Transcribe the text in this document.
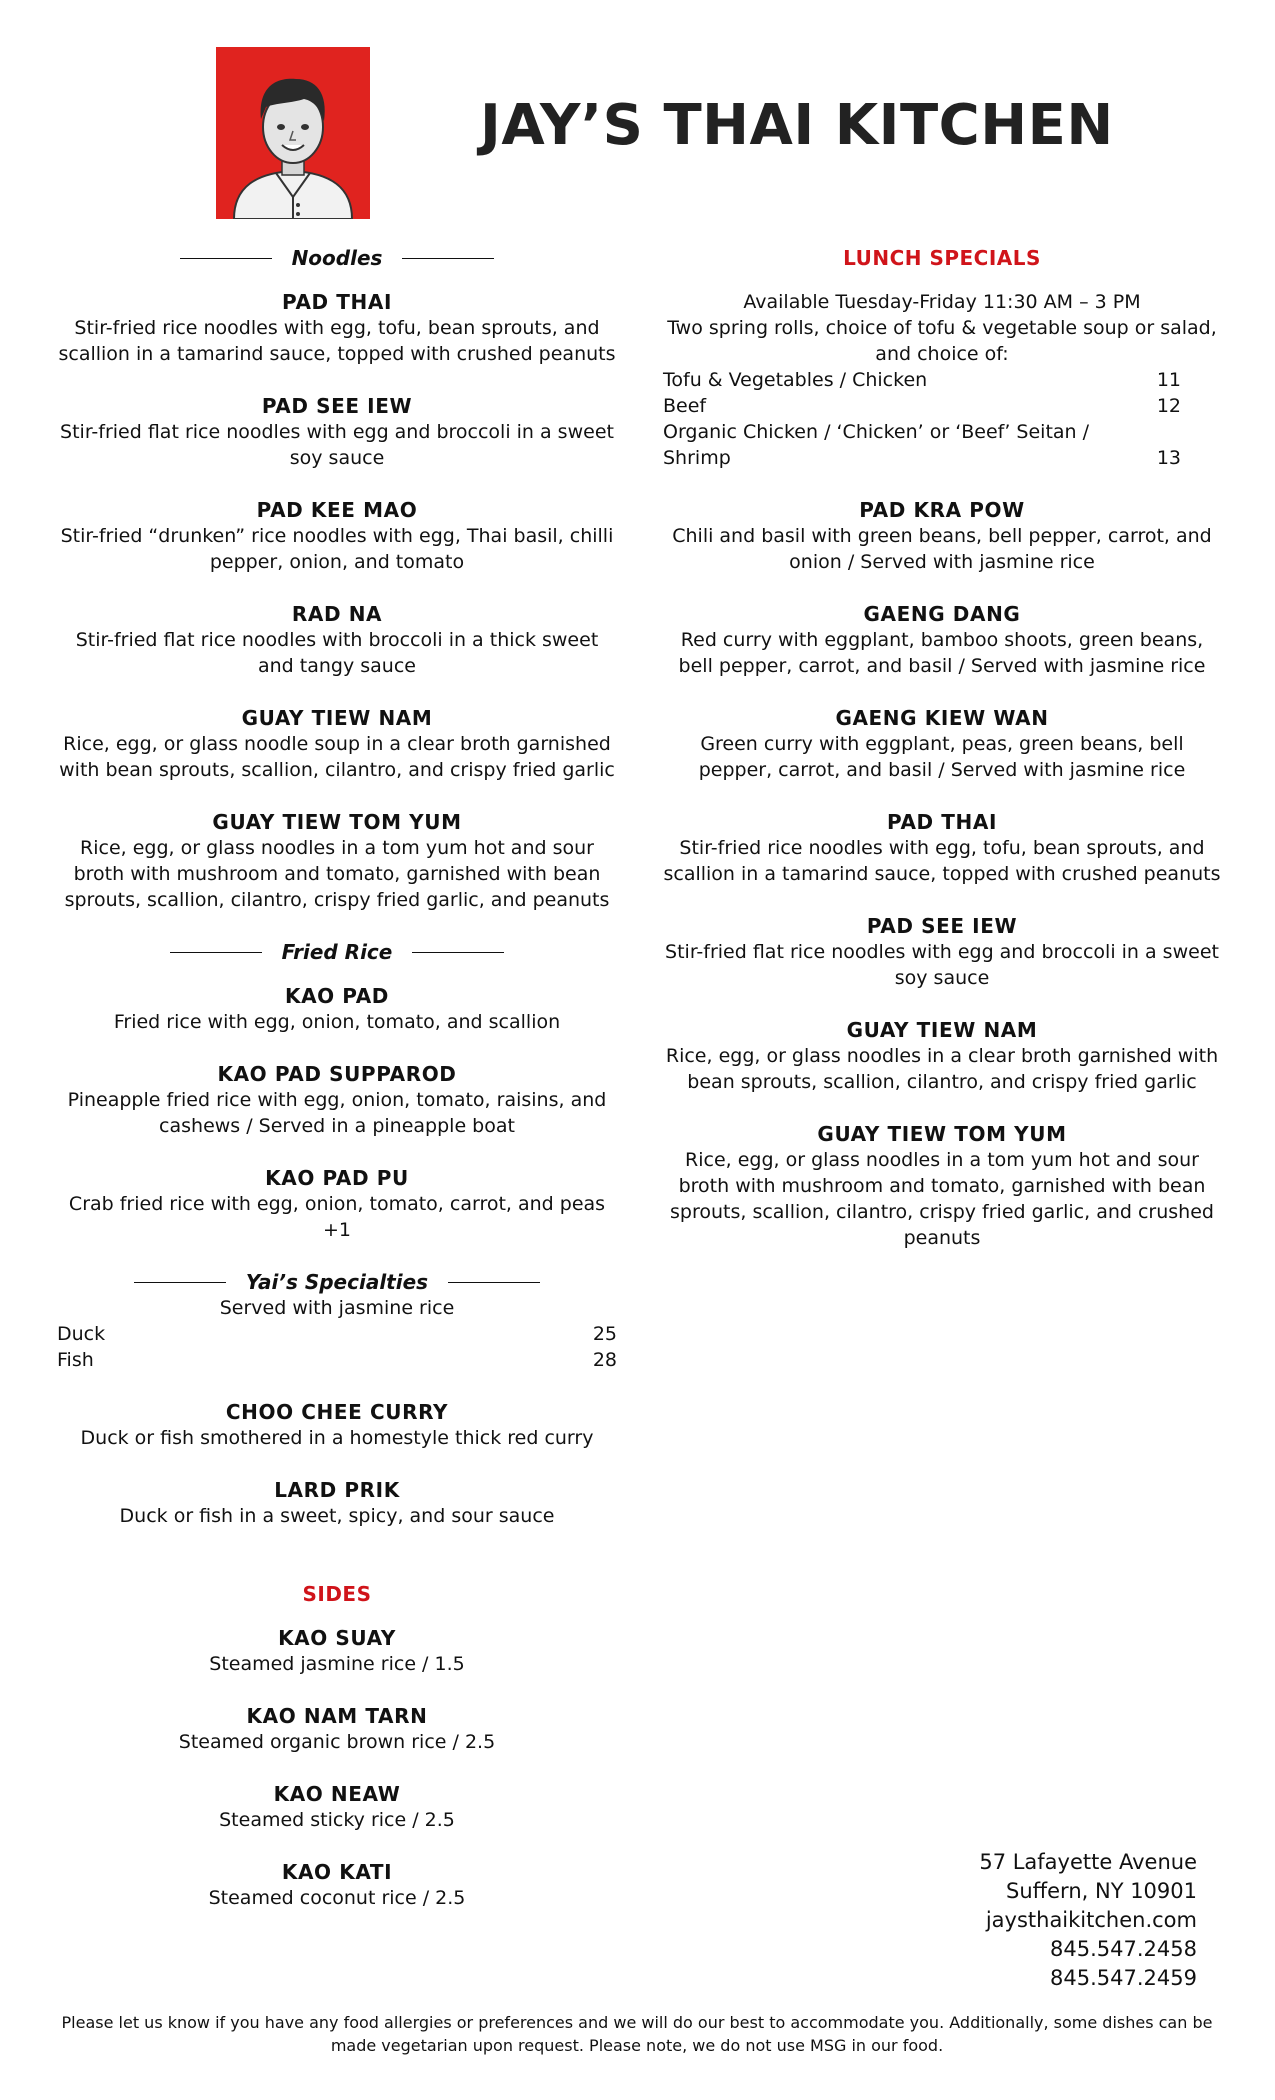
JAY’S THAI KITCHEN
Noodles
PAD THAI
Stir-fried rice noodles with egg, tofu, bean sprouts, and scallion in a tamarind sauce, topped with crushed peanuts
PAD SEE IEW
Stir-fried flat rice noodles with egg and broccoli in a sweet soy sauce
PAD KEE MAO
Stir-fried “drunken” rice noodles with egg, Thai basil, chilli pepper, onion, and tomato
RAD NA
Stir-fried flat rice noodles with broccoli in a thick sweet and tangy sauce
GUAY TIEW NAM
Rice, egg, or glass noodle soup in a clear broth garnished with bean sprouts, scallion, cilantro, and crispy fried garlic
GUAY TIEW TOM YUM
Rice, egg, or glass noodles in a tom yum hot and sour broth with mushroom and tomato, garnished with bean sprouts, scallion, cilantro, crispy fried garlic, and peanuts
Fried Rice
KAO PAD
Fried rice with egg, onion, tomato, and scallion
KAO PAD SUPPAROD
Pineapple fried rice with egg, onion, tomato, raisins, and cashews / Served in a pineapple boat
KAO PAD PU
Crab fried rice with egg, onion, tomato, carrot, and peas +1
Yai’s Specialties
Served with jasmine rice
Duck	25
Fish	28
CHOO CHEE CURRY
Duck or fish smothered in a homestyle thick red curry
LARD PRIK
Duck or fish in a sweet, spicy, and sour sauce
SIDES
KAO SUAY
Steamed jasmine rice / 1.5
KAO NAM TARN
Steamed organic brown rice / 2.5
KAO NEAW
Steamed sticky rice / 2.5
KAO KATI
Steamed coconut rice / 2.5
LUNCH SPECIALS
Available Tuesday-Friday 11:30 AM – 3 PM
Two spring rolls, choice of tofu & vegetable soup or salad, and choice of:
Tofu & Vegetables / Chicken	11
Beef	12
Organic Chicken / ‘Chicken’ or ‘Beef’ Seitan / Shrimp	13
PAD KRA POW
Chili and basil with green beans, bell pepper, carrot, and onion / Served with jasmine rice
GAENG DANG
Red curry with eggplant, bamboo shoots, green beans, bell pepper, carrot, and basil / Served with jasmine rice
GAENG KIEW WAN
Green curry with eggplant, peas, green beans, bell pepper, carrot, and basil / Served with jasmine rice
PAD THAI
Stir-fried rice noodles with egg, tofu, bean sprouts, and scallion in a tamarind sauce, topped with crushed peanuts
PAD SEE IEW
Stir-fried flat rice noodles with egg and broccoli in a sweet soy sauce
GUAY TIEW NAM
Rice, egg, or glass noodles in a clear broth garnished with bean sprouts, scallion, cilantro, and crispy fried garlic
GUAY TIEW TOM YUM
Rice, egg, or glass noodles in a tom yum hot and sour broth with mushroom and tomato, garnished with bean sprouts, scallion, cilantro, crispy fried garlic, and crushed peanuts
57 Lafayette Avenue
Suffern, NY 10901
jaysthaikitchen.com
845.547.2458
845.547.2459
Please let us know if you have any food allergies or preferences and we will do our best to accommodate you. Additionally, some dishes can be made vegetarian upon request. Please note, we do not use MSG in our food.
